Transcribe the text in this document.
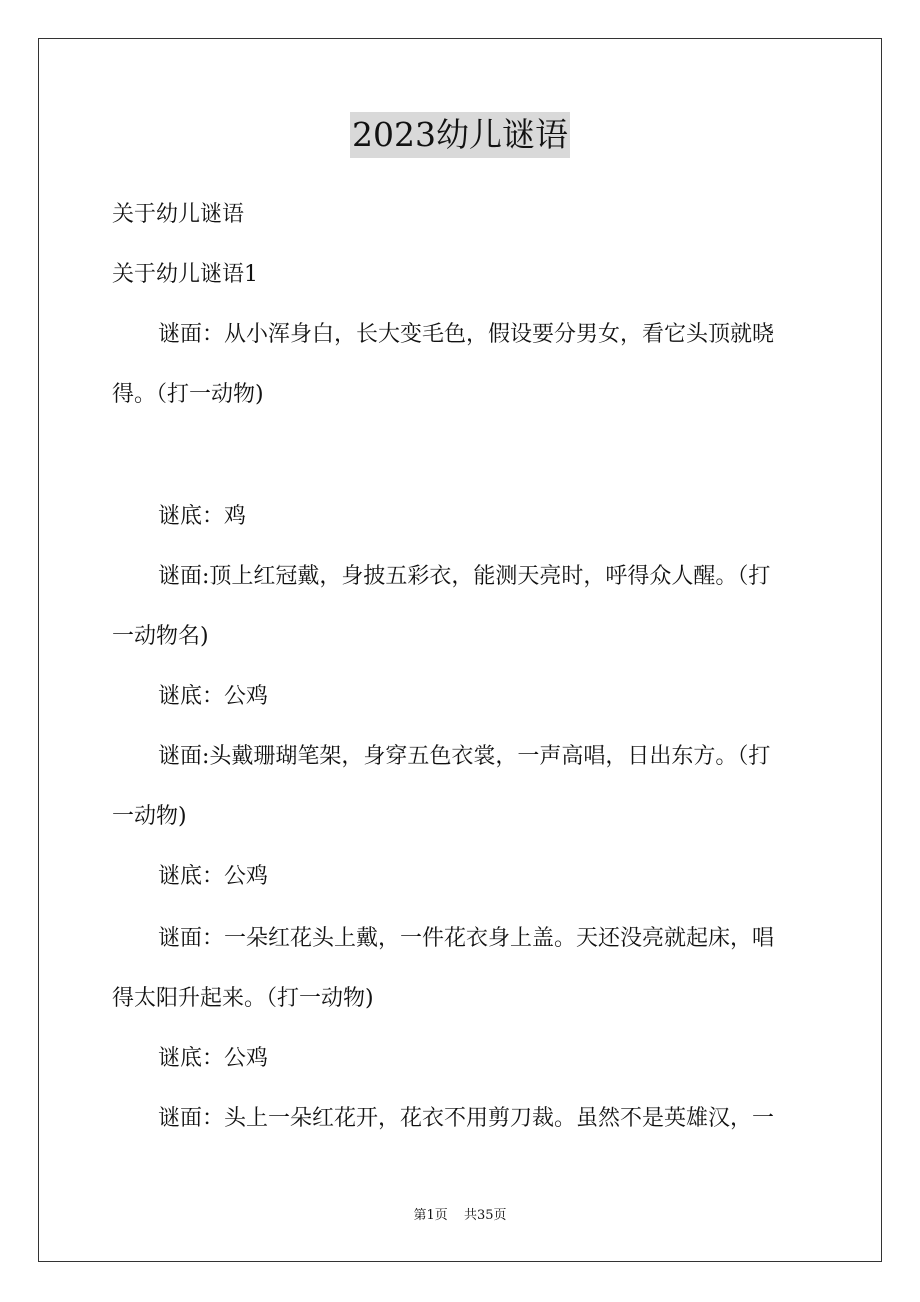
2023幼儿谜语
关于幼儿谜语
关于幼儿谜语1
谜面：从小浑身白，长大变毛色，假设要分男女，看它头顶就晓
得。（打一动物)
谜底：鸡
谜面:顶上红冠戴，身披五彩衣，能测天亮时，呼得众人醒。（打
一动物名)
谜底：公鸡
谜面:头戴珊瑚笔架，身穿五色衣裳，一声高唱，日出东方。（打
一动物)
谜底：公鸡
谜面：一朵红花头上戴，一件花衣身上盖。天还没亮就起床，唱
得太阳升起来。（打一动物)
谜底：公鸡
谜面：头上一朵红花开，花衣不用剪刀裁。虽然不是英雄汉，一
第1页 共35页
